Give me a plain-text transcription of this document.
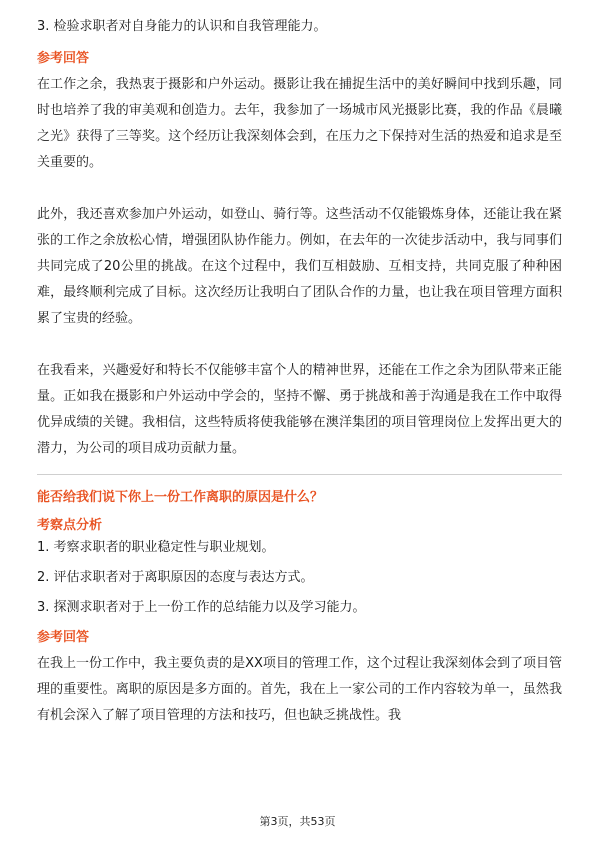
3. 检验求职者对自身能力的认识和自我管理能力。
参考回答

在工作之余，我热衷于摄影和户外运动。摄影让我在捕捉生活中的美好瞬间中找到乐趣，同时也培养了我的审美观和创造力。去年，我参加了一场城市风光摄影比赛，我的作品《晨曦之光》获得了三等奖。这个经历让我深刻体会到，在压力之下保持对生活的热爱和追求是至关重要的。

此外，我还喜欢参加户外运动，如登山、骑行等。这些活动不仅能锻炼身体，还能让我在紧张的工作之余放松心情，增强团队协作能力。例如，在去年的一次徒步活动中，我与同事们共同完成了20公里的挑战。在这个过程中，我们互相鼓励、互相支持，共同克服了种种困难，最终顺利完成了目标。这次经历让我明白了团队合作的力量，也让我在项目管理方面积累了宝贵的经验。

在我看来，兴趣爱好和特长不仅能够丰富个人的精神世界，还能在工作之余为团队带来正能量。正如我在摄影和户外运动中学会的，坚持不懈、勇于挑战和善于沟通是我在工作中取得优异成绩的关键。我相信，这些特质将使我能够在澳洋集团的项目管理岗位上发挥出更大的潜力，为公司的项目成功贡献力量。

能否给我们说下你上一份工作离职的原因是什么？
考察点分析
1. 考察求职者的职业稳定性与职业规划。
2. 评估求职者对于离职原因的态度与表达方式。
3. 探测求职者对于上一份工作的总结能力以及学习能力。
参考回答

在我上一份工作中，我主要负责的是XX项目的管理工作，这个过程让我深刻体会到了项目管理的重要性。离职的原因是多方面的。首先，我在上一家公司的工作内容较为单一，虽然我有机会深入了解了项目管理的方法和技巧，但也缺乏挑战性。我

第3页，共53页
